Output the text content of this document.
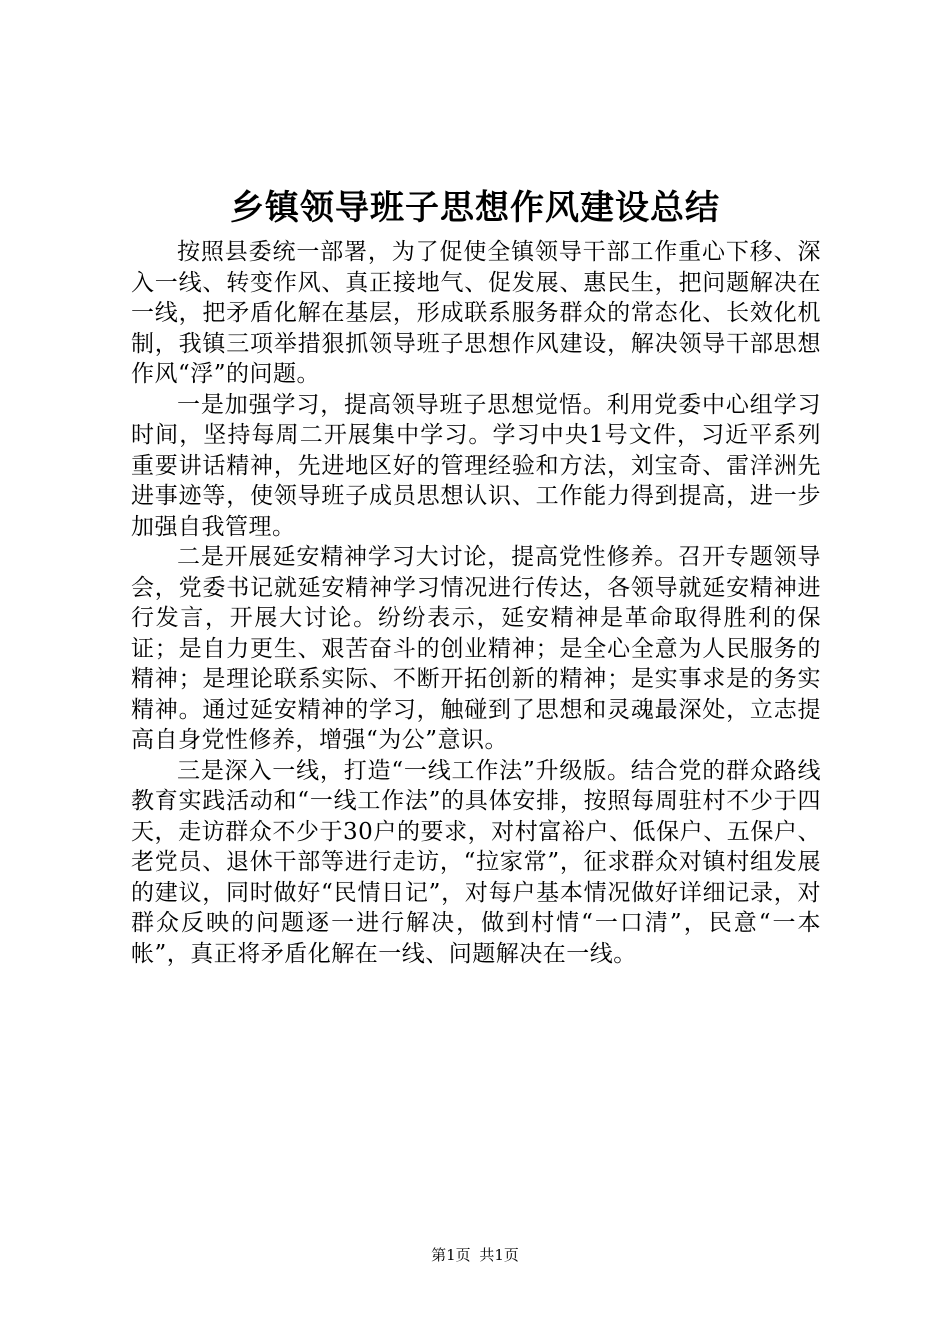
乡镇领导班子思想作风建设总结

按照县委统一部署，为了促使全镇领导干部工作重心下移、深入一线、转变作风、真正接地气、促发展、惠民生，把问题解决在一线，把矛盾化解在基层，形成联系服务群众的常态化、长效化机制，我镇三项举措狠抓领导班子思想作风建设，解决领导干部思想作风“浮”的问题。

一是加强学习，提高领导班子思想觉悟。利用党委中心组学习时间，坚持每周二开展集中学习。学习中央1号文件，习近平系列重要讲话精神，先进地区好的管理经验和方法，刘宝奇、雷洋洲先进事迹等，使领导班子成员思想认识、工作能力得到提高，进一步加强自我管理。

二是开展延安精神学习大讨论，提高党性修养。召开专题领导会，党委书记就延安精神学习情况进行传达，各领导就延安精神进行发言，开展大讨论。纷纷表示，延安精神是革命取得胜利的保证；是自力更生、艰苦奋斗的创业精神；是全心全意为人民服务的精神；是理论联系实际、不断开拓创新的精神；是实事求是的务实精神。通过延安精神的学习，触碰到了思想和灵魂最深处，立志提高自身党性修养，增强“为公”意识。

三是深入一线，打造“一线工作法”升级版。结合党的群众路线教育实践活动和“一线工作法”的具体安排，按照每周驻村不少于四天，走访群众不少于30户的要求，对村富裕户、低保户、五保户、老党员、退休干部等进行走访，“拉家常”，征求群众对镇村组发展的建议，同时做好“民情日记”，对每户基本情况做好详细记录，对群众反映的问题逐一进行解决，做到村情“一口清”，民意“一本帐”，真正将矛盾化解在一线、问题解决在一线。

第1页 共1页
